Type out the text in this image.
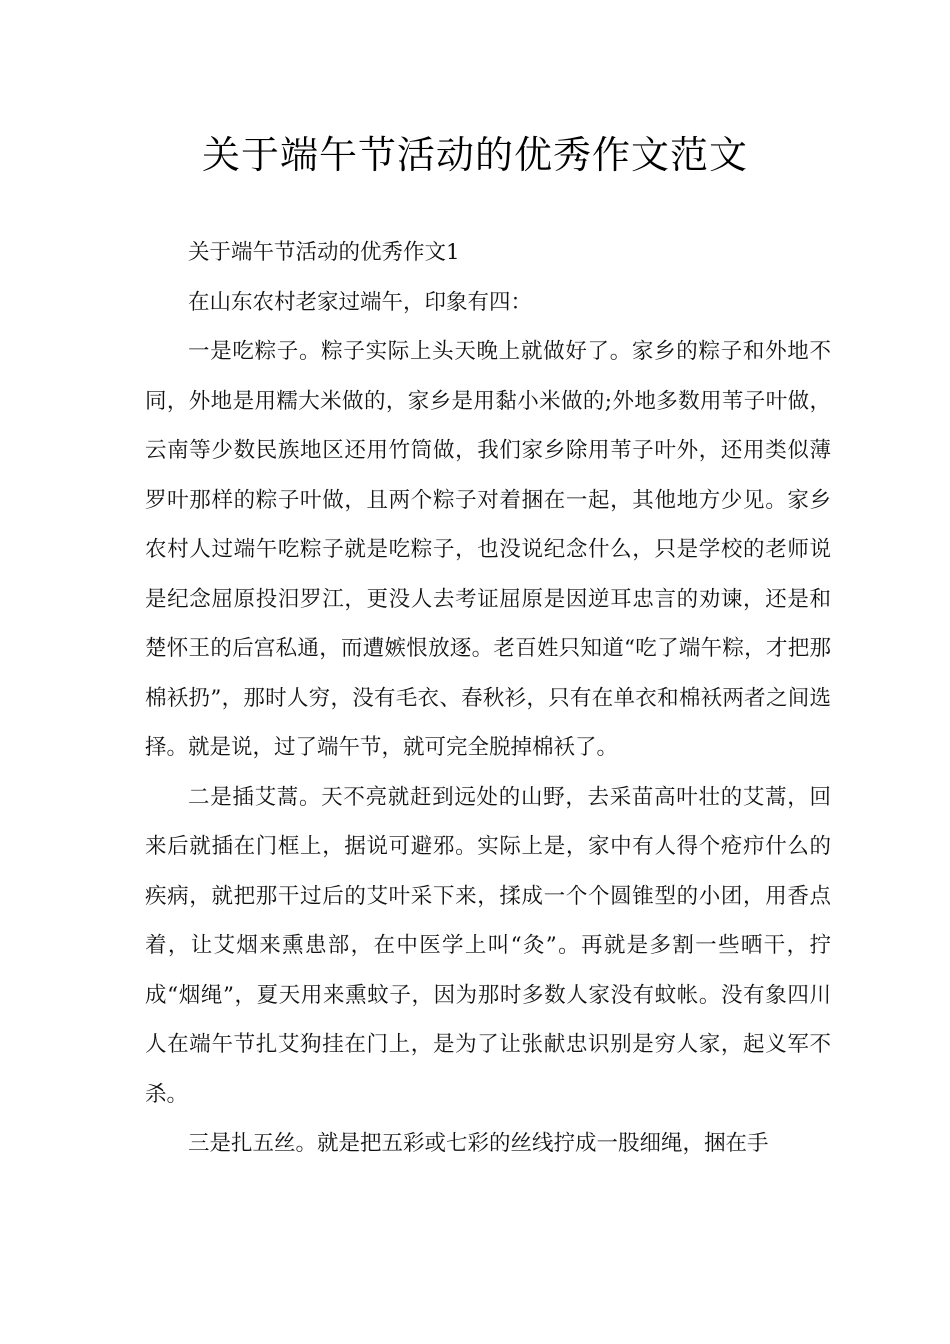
关于端午节活动的优秀作文范文

关于端午节活动的优秀作文1

在山东农村老家过端午，印象有四：

一是吃粽子。粽子实际上头天晚上就做好了。家乡的粽子和外地不同，外地是用糯大米做的，家乡是用黏小米做的;外地多数用苇子叶做，云南等少数民族地区还用竹筒做，我们家乡除用苇子叶外，还用类似薄罗叶那样的粽子叶做，且两个粽子对着捆在一起，其他地方少见。家乡农村人过端午吃粽子就是吃粽子，也没说纪念什么，只是学校的老师说是纪念屈原投汨罗江，更没人去考证屈原是因逆耳忠言的劝谏，还是和楚怀王的后宫私通，而遭嫉恨放逐。老百姓只知道“吃了端午粽，才把那棉袄扔”，那时人穷，没有毛衣、春秋衫，只有在单衣和棉袄两者之间选择。就是说，过了端午节，就可完全脱掉棉袄了。

二是插艾蒿。天不亮就赶到远处的山野，去采苗高叶壮的艾蒿，回来后就插在门框上，据说可避邪。实际上是，家中有人得个疮疖什么的疾病，就把那干过后的艾叶采下来，揉成一个个圆锥型的小团，用香点着，让艾烟来熏患部，在中医学上叫“灸”。再就是多割一些晒干，拧成“烟绳”，夏天用来熏蚊子，因为那时多数人家没有蚊帐。没有象四川人在端午节扎艾狗挂在门上，是为了让张献忠识别是穷人家，起义军不杀。

三是扎五丝。就是把五彩或七彩的丝线拧成一股细绳，捆在手
